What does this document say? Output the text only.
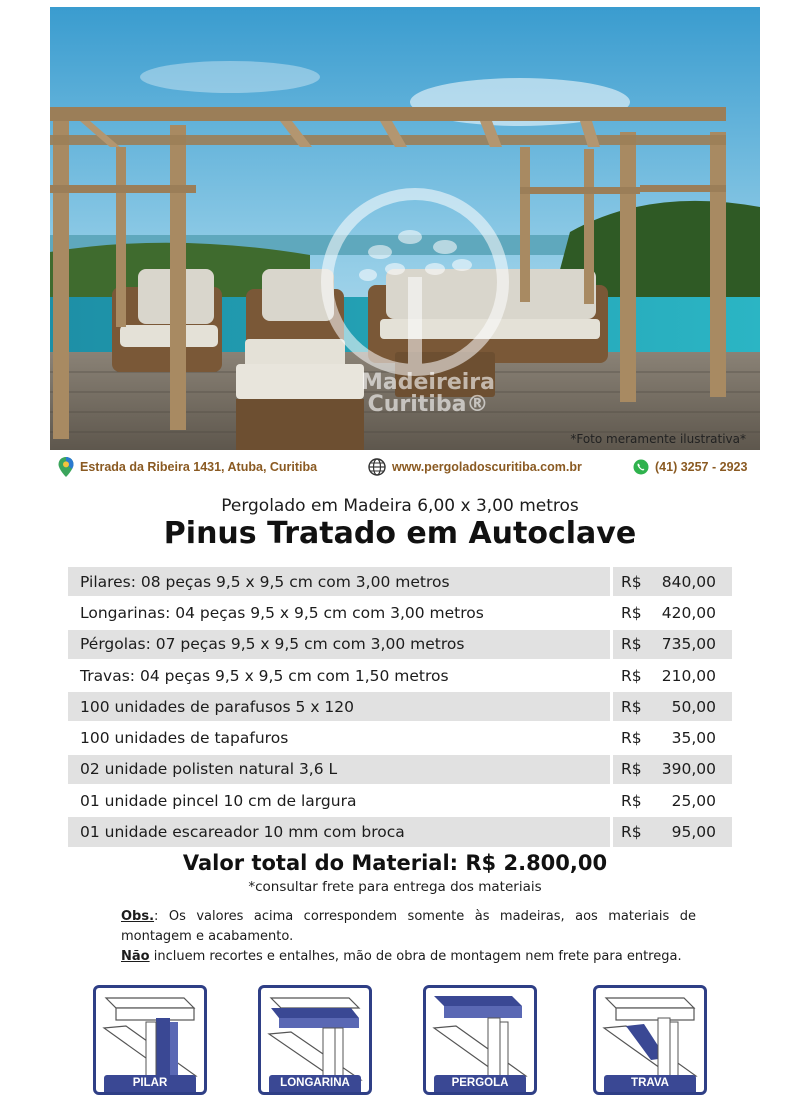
*Foto meramente ilustrativa*
Madeireira
Curitiba®
Estrada da Ribeira 1431, Atuba, Curitiba	www.pergoladoscuritiba.com.br	(41) 3257 - 2923
Pergolado em Madeira 6,00 x 3,00 metros
Pinus Tratado em Autoclave
Pilares: 08 peças 9,5 x 9,5 cm com 3,00 metros	R$	840,00
Longarinas: 04 peças 9,5 x 9,5 cm com 3,00 metros	R$	420,00
Pérgolas: 07 peças 9,5 x 9,5 cm com 3,00 metros	R$	735,00
Travas: 04 peças 9,5 x 9,5 cm com 1,50 metros	R$	210,00
100 unidades de parafusos 5 x 120	R$	50,00
100 unidades de tapafuros	R$	35,00
02 unidade polisten natural 3,6 L	R$	390,00
01 unidade pincel 10 cm de largura	R$	25,00
01 unidade escareador 10 mm com broca	R$	95,00
Valor total do Material: R$ 2.800,00
*consultar frete para entrega dos materiais
Obs.: Os valores acima correspondem somente às madeiras, aos materiais de montagem e acabamento.
Não incluem recortes e entalhes, mão de obra de montagem nem frete para entrega.
PILAR	LONGARINA	PERGOLA	TRAVA
